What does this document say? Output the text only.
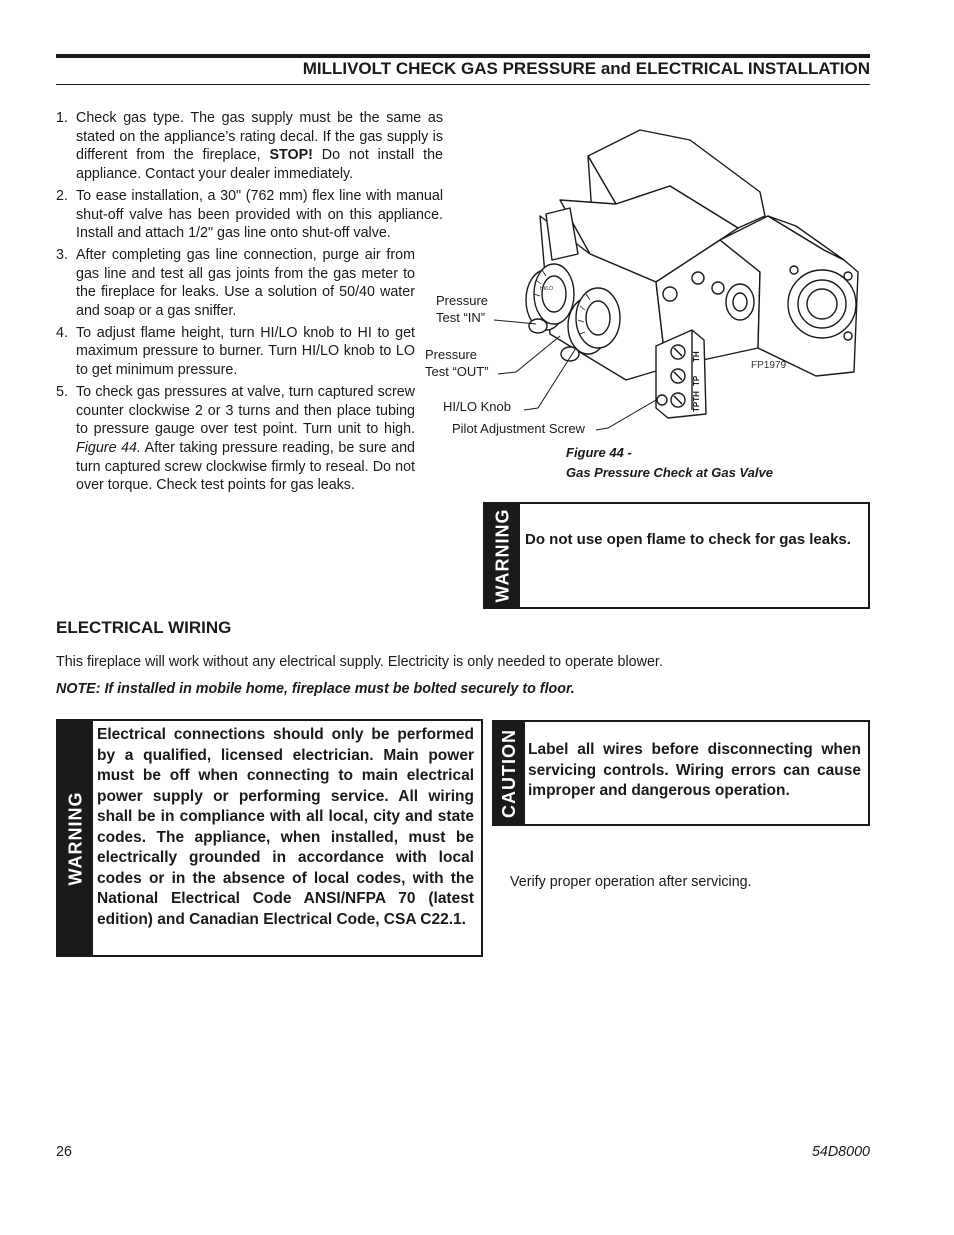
MILLIVOLT CHECK GAS PRESSURE and ELECTRICAL INSTALLATION
1. Check gas type. The gas supply must be the same as stated on the appliance’s rating decal. If the gas supply is different from the fireplace, STOP! Do not install the appliance. Contact your dealer immediately.
2. To ease installation, a 30" (762 mm) flex line with manual shut-off valve has been provided with on this appliance. Install and attach 1/2" gas line onto shut-off valve.
3. After completing gas line connection, purge air from gas line and test all gas joints from the gas meter to the fireplace for leaks. Use a solution of 50/40 water and soap or a gas sniffer.
4. To adjust flame height, turn HI/LO knob to HI to get maximum pressure to burner. Turn HI/LO knob to LO to get minimum pressure.
5. To check gas pressures at valve, turn captured screw counter clockwise 2 or 3 turns and then place tubing to pressure gauge over test point. Turn unit to high. Figure 44. After taking pressure reading, be sure and turn captured screw clockwise firmly to reseal. Do not over torque. Check test points for gas leaks.
HI/LO
TH
TP
TPTH
Pressure
Test “IN”
Pressure
Test “OUT”
HI/LO Knob
Pilot Adjustment Screw
FP1979
Figure 44 -
Gas Pressure Check at Gas Valve
WARNING Do not use open flame to check for gas leaks.
ELECTRICAL WIRING
This fireplace will work without any electrical supply. Electricity is only needed to operate blower.
NOTE: If installed in mobile home, fireplace must be bolted securely to floor.
WARNING
Electrical connections should only be performed by a qualified, licensed electrician. Main power must be off when connecting to main electrical power supply or performing service. All wiring shall be in compliance with all local, city and state codes. The appliance, when installed, must be electrically grounded in accordance with local codes or in the absence of local codes, with the National Electrical Code ANSI/NFPA 70 (latest edition) and Canadian Electrical Code, CSA C22.1.
CAUTION Label all wires before disconnecting when servicing controls. Wiring errors can cause improper and dangerous operation.
Verify proper operation after servicing.
26	54D8000
